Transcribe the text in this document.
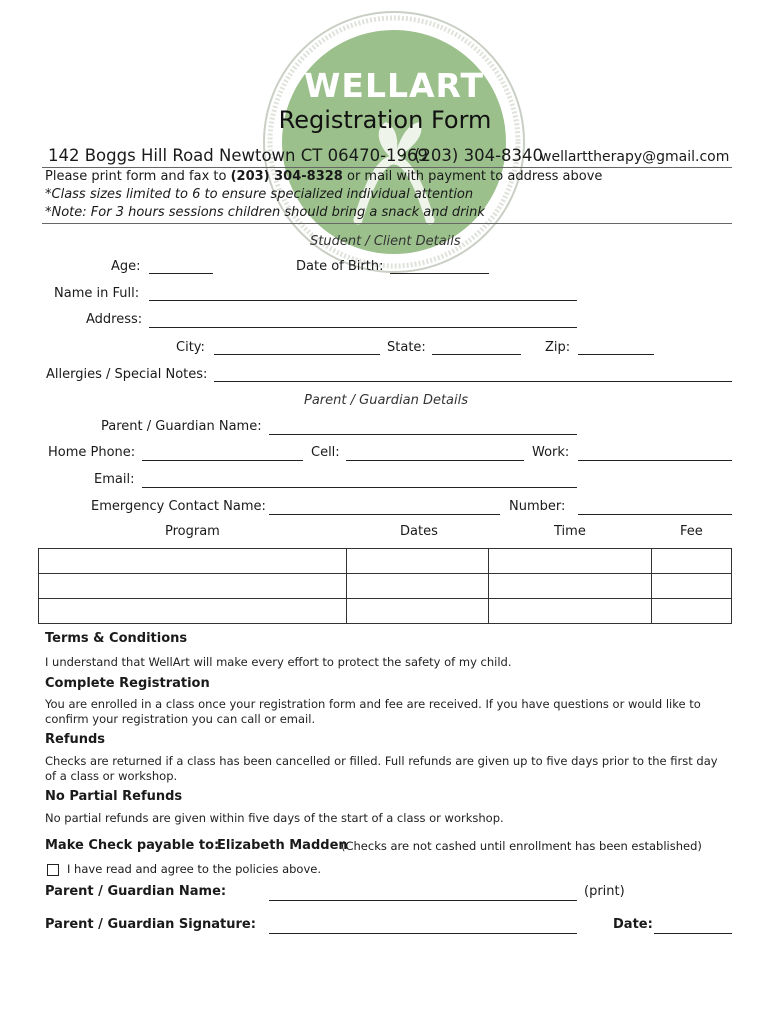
WELLART
Registration Form
142 Boggs Hill Road Newtown CT 06470-1969
(203) 304-8340
wellarttherapy@gmail.com
Please print form and fax to (203) 304-8328 or mail with payment to address above
*Class sizes limited to 6 to ensure specialized individual attention
*Note: For 3 hours sessions children should bring a snack and drink
Student / Client Details
Age:	Date of Birth:
Name in Full:
Address:
City:	State:	Zip:
Allergies / Special Notes:
Parent / Guardian Details
Parent / Guardian Name:
Home Phone:	Cell:	Work:
Email:
Emergency Contact Name:	Number:
Program	Dates	Time	Fee

Terms & Conditions
I understand that WellArt will make every effort to protect the safety of my child.
Complete Registration
You are enrolled in a class once your registration form and fee are received. If you have questions or would like to confirm your registration you can call or email.
Refunds
Checks are returned if a class has been cancelled or filled. Full refunds are given up to five days prior to the first day of a class or workshop.
No Partial Refunds
No partial refunds are given within five days of the start of a class or workshop.
Make Check payable to:
Elizabeth Madden
(Checks are not cashed until enrollment has been established)
I have read and agree to the policies above.
Parent / Guardian Name:	(print)
Parent / Guardian Signature:	Date:
